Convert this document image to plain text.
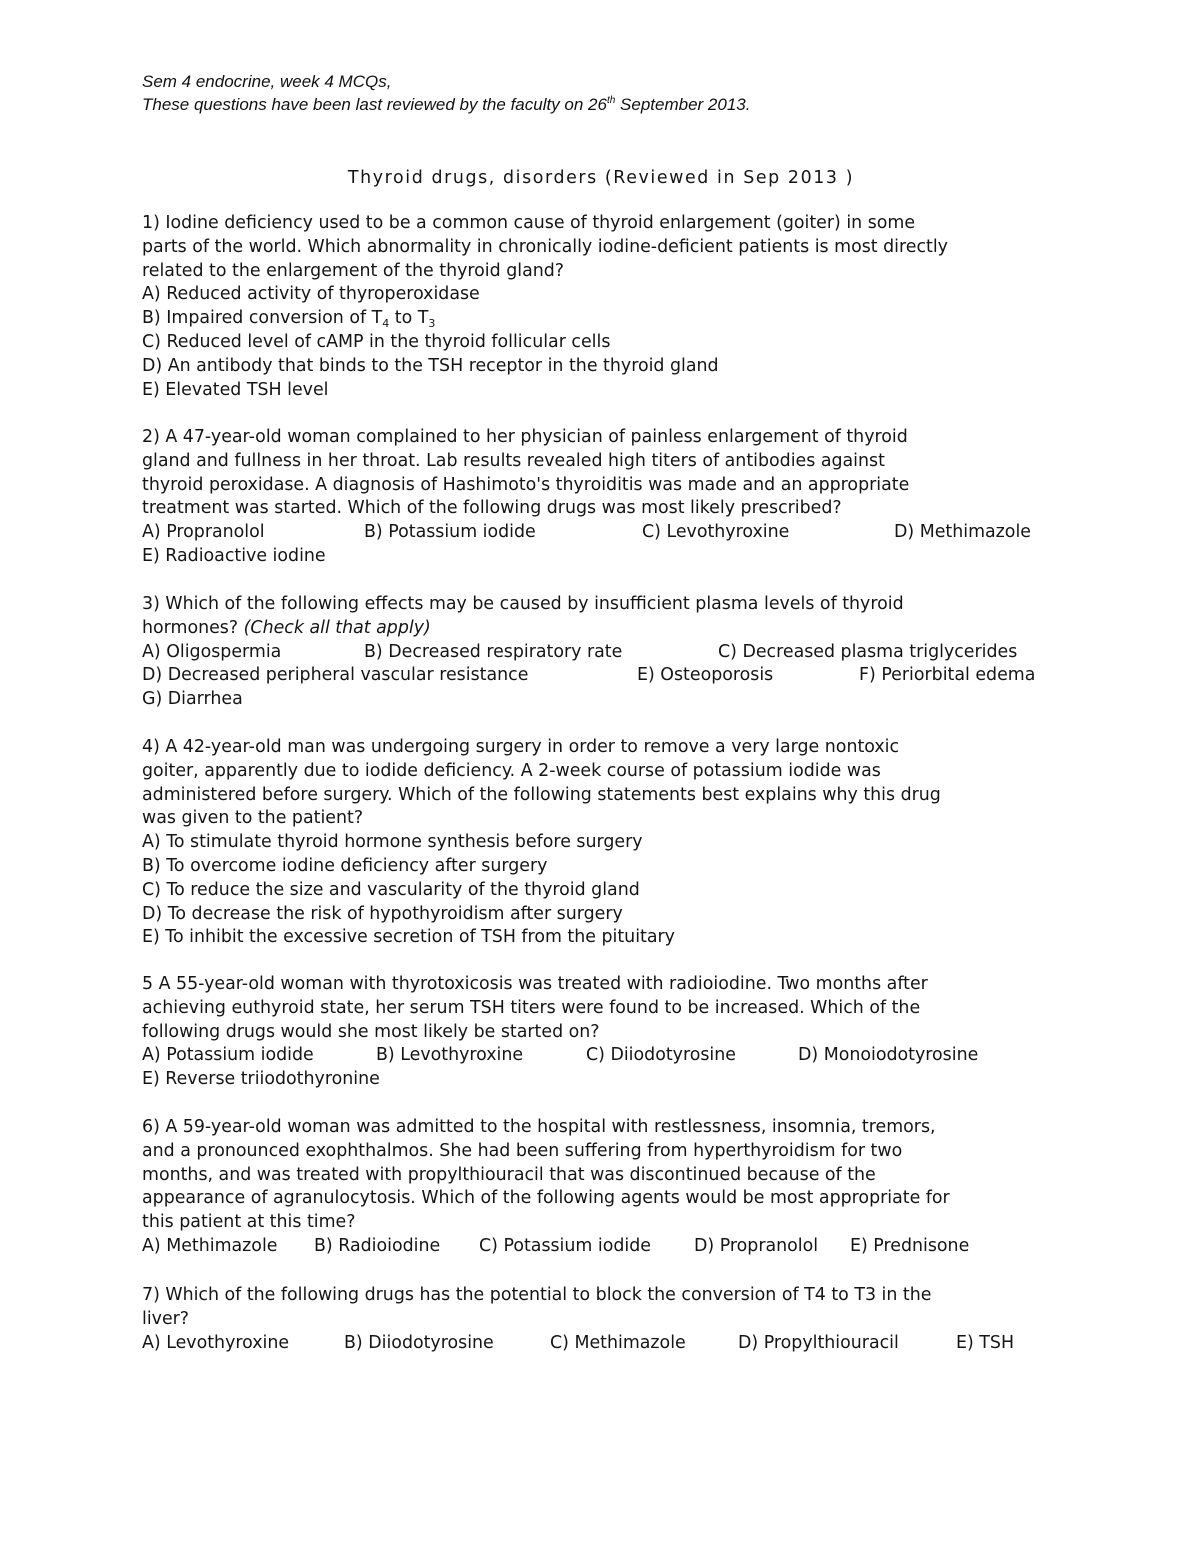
Sem 4 endocrine, week 4 MCQs,
These questions have been last reviewed by the faculty on 26th September 2013.
Thyroid drugs, disorders (Reviewed in Sep 2013 )
1) Iodine deficiency used to be a common cause of thyroid enlargement (goiter) in some
parts of the world. Which abnormality in chronically iodine-deficient patients is most directly
related to the enlargement of the thyroid gland?
A) Reduced activity of thyroperoxidase
B) Impaired conversion of $T_4$ to $T_3$
C) Reduced level of cAMP in the thyroid follicular cells
D) An antibody that binds to the TSH receptor in the thyroid gland
E) Elevated TSH level
2) A 47-year-old woman complained to her physician of painless enlargement of thyroid
gland and fullness in her throat. Lab results revealed high titers of antibodies against
thyroid peroxidase. A diagnosis of Hashimoto's thyroiditis was made and an appropriate
treatment was started. Which of the following drugs was most likely prescribed?
A) Propranolol	B) Potassium iodide	C) Levothyroxine	D) Methimazole
E) Radioactive iodine
3) Which of the following effects may be caused by insufficient plasma levels of thyroid
hormones? (Check all that apply)
A) Oligospermia	B) Decreased respiratory rate	C) Decreased plasma triglycerides
D) Decreased peripheral vascular resistance	E) Osteoporosis	F) Periorbital edema
G) Diarrhea
4) A 42-year-old man was undergoing surgery in order to remove a very large nontoxic
goiter, apparently due to iodide deficiency. A 2-week course of potassium iodide was
administered before surgery. Which of the following statements best explains why this drug
was given to the patient?
A) To stimulate thyroid hormone synthesis before surgery
B) To overcome iodine deficiency after surgery
C) To reduce the size and vascularity of the thyroid gland
D) To decrease the risk of hypothyroidism after surgery
E) To inhibit the excessive secretion of TSH from the pituitary
5 A 55-year-old woman with thyrotoxicosis was treated with radioiodine. Two months after
achieving euthyroid state, her serum TSH titers were found to be increased. Which of the
following drugs would she most likely be started on?
A) Potassium iodide	B) Levothyroxine	C) Diiodotyrosine	D) Monoiodotyrosine
E) Reverse triiodothyronine
6) A 59-year-old woman was admitted to the hospital with restlessness, insomnia, tremors,
and a pronounced exophthalmos. She had been suffering from hyperthyroidism for two
months, and was treated with propylthiouracil that was discontinued because of the
appearance of agranulocytosis. Which of the following agents would be most appropriate for
this patient at this time?
A) Methimazole B) Radioiodine C) Potassium iodide D) Propranolol E) Prednisone
7) Which of the following drugs has the potential to block the conversion of T4 to T3 in the
liver?
A) Levothyroxine	B) Diiodotyrosine	C) Methimazole	D) Propylthiouracil	E) TSH
